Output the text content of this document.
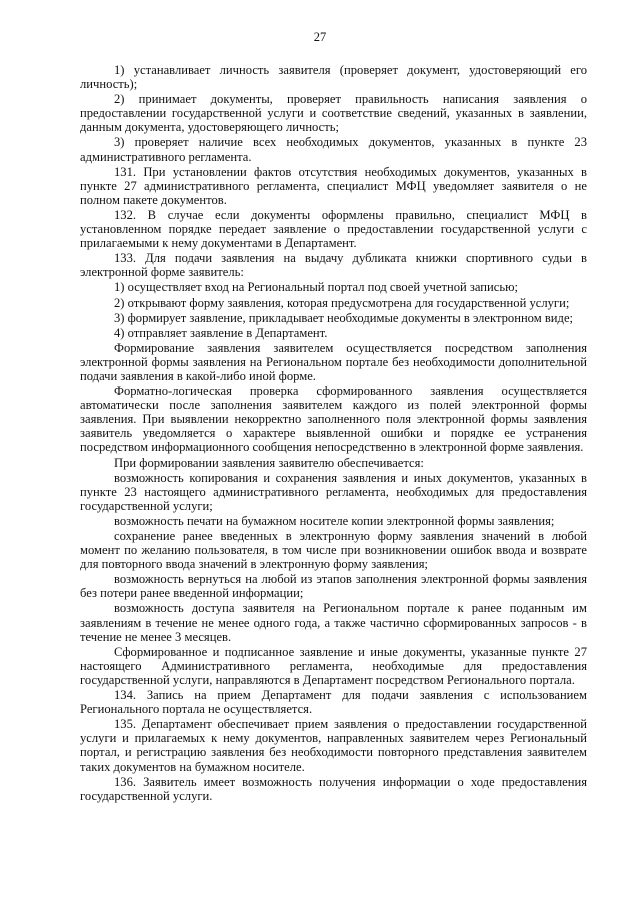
27

1) устанавливает личность заявителя (проверяет документ, удостоверяющий его личность);

2) принимает документы, проверяет правильность написания заявления о предоставлении государственной услуги и соответствие сведений, указанных в заявлении, данным документа, удостоверяющего личность;

3) проверяет наличие всех необходимых документов, указанных в пункте 23 административного регламента.

131. При установлении фактов отсутствия необходимых документов, указанных в пункте 27 административного регламента, специалист МФЦ уведомляет заявителя о не полном пакете документов.

132. В случае если документы оформлены правильно, специалист МФЦ в установленном порядке передает заявление о предоставлении государственной услуги с прилагаемыми к нему документами в Департамент.

133. Для подачи заявления на выдачу дубликата книжки спортивного судьи в электронной форме заявитель:

1) осуществляет вход на Региональный портал под своей учетной записью;

2) открывают форму заявления, которая предусмотрена для государственной услуги;

3) формирует заявление, прикладывает необходимые документы в электронном виде;

4) отправляет заявление в Департамент.

Формирование заявления заявителем осуществляется посредством заполнения электронной формы заявления на Региональном портале без необходимости дополнительной подачи заявления в какой-либо иной форме.

Форматно-логическая проверка сформированного заявления осуществляется автоматически после заполнения заявителем каждого из полей электронной формы заявления. При выявлении некорректно заполненного поля электронной формы заявления заявитель уведомляется о характере выявленной ошибки и порядке ее устранения посредством информационного сообщения непосредственно в электронной форме заявления.

При формировании заявления заявителю обеспечивается:

возможность копирования и сохранения заявления и иных документов, указанных в пункте 23 настоящего административного регламента, необходимых для предоставления государственной услуги;

возможность печати на бумажном носителе копии электронной формы заявления;

сохранение ранее введенных в электронную форму заявления значений в любой момент по желанию пользователя, в том числе при возникновении ошибок ввода и возврате для повторного ввода значений в электронную форму заявления;

возможность вернуться на любой из этапов заполнения электронной формы заявления без потери ранее введенной информации;

возможность доступа заявителя на Региональном портале к ранее поданным им заявлениям в течение не менее одного года, а также частично сформированных запросов - в течение не менее 3 месяцев.

Сформированное и подписанное заявление и иные документы, указанные пункте 27 настоящего Административного регламента, необходимые для предоставления государственной услуги, направляются в Департамент посредством Регионального портала.

134. Запись на прием Департамент для подачи заявления с использованием Регионального портала не осуществляется.

135. Департамент обеспечивает прием заявления о предоставлении государственной услуги и прилагаемых к нему документов, направленных заявителем через Региональный портал, и регистрацию заявления без необходимости повторного представления заявителем таких документов на бумажном носителе.

136. Заявитель имеет возможность получения информации о ходе предоставления государственной услуги.
